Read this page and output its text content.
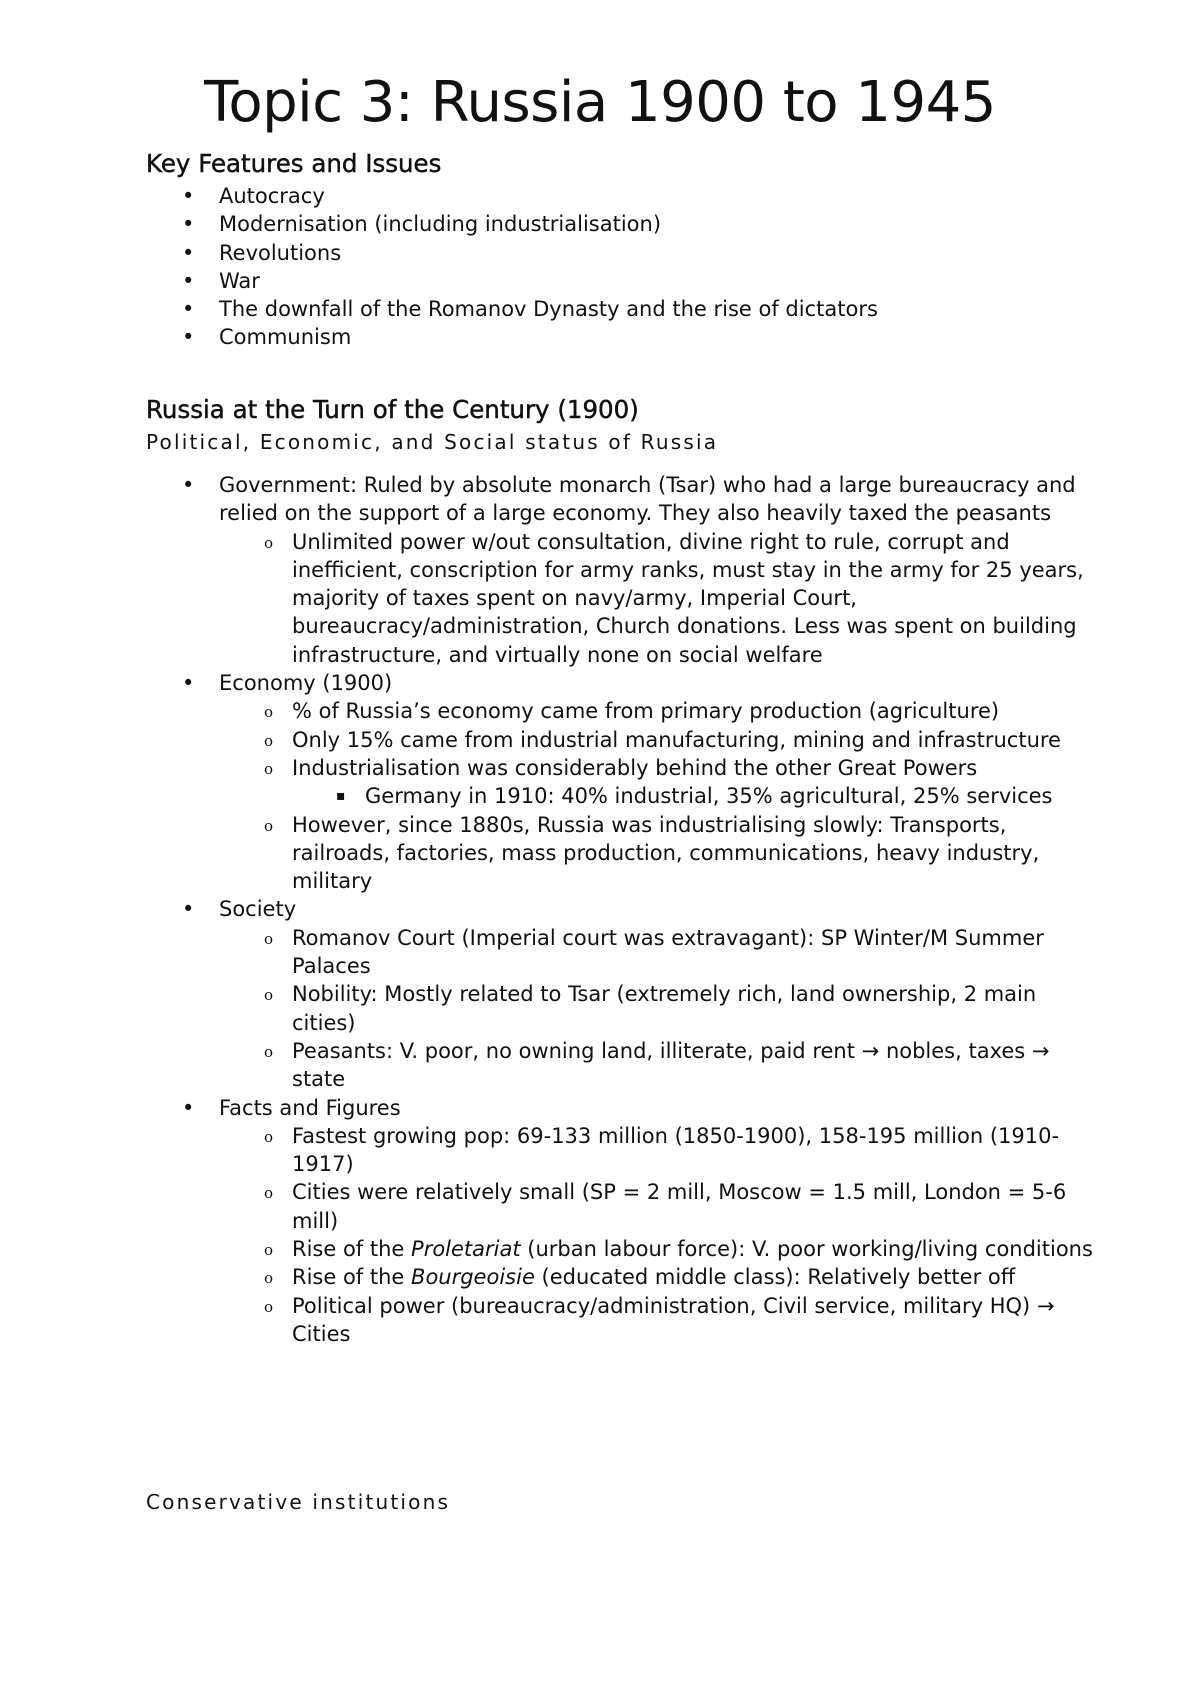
Topic 3: Russia 1900 to 1945
Key Features and Issues
• Autocracy
• Modernisation (including industrialisation)
• Revolutions
• War
• The downfall of the Romanov Dynasty and the rise of dictators
• Communism
Russia at the Turn of the Century (1900)

Political, Economic, and Social status of Russia

• Government: Ruled by absolute monarch (Tsar) who had a large bureaucracy and relied on the support of a large economy. They also heavily taxed the peasants
o Unlimited power w/out consultation, divine right to rule, corrupt and inefficient, conscription for army ranks, must stay in the army for 25 years, majority of taxes spent on navy/army, Imperial Court, bureaucracy/administration, Church donations. Less was spent on building infrastructure, and virtually none on social welfare
• Economy (1900)
o % of Russia’s economy came from primary production (agriculture)
o Only 15% came from industrial manufacturing, mining and infrastructure
o Industrialisation was considerably behind the other Great Powers
▪ Germany in 1910: 40% industrial, 35% agricultural, 25% services
o However, since 1880s, Russia was industrialising slowly: Transports, railroads, factories, mass production, communications, heavy industry, military
• Society
o Romanov Court (Imperial court was extravagant): SP Winter/M Summer Palaces
o Nobility: Mostly related to Tsar (extremely rich, land ownership, 2 main cities)
o Peasants: V. poor, no owning land, illiterate, paid rent → nobles, taxes → state
• Facts and Figures
o Fastest growing pop: 69-133 million (1850-1900), 158-195 million (1910-1917)
o Cities were relatively small (SP = 2 mill, Moscow = 1.5 mill, London = 5-6 mill)
o Rise of the Proletariat (urban labour force): V. poor working/living conditions
o Rise of the Bourgeoisie (educated middle class): Relatively better off
o Political power (bureaucracy/administration, Civil service, military HQ) → Cities

Conservative institutions
